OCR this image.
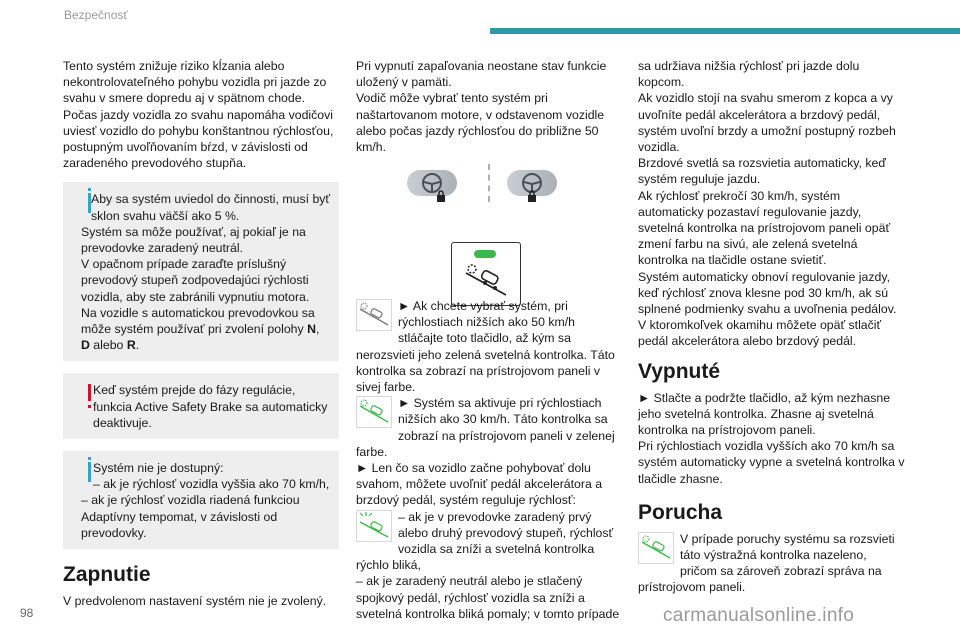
Bezpečnosť

Tento systém znižuje riziko kĺzania alebo nekontrolovateľného pohybu vozidla pri jazde zo svahu v smere dopredu aj v spätnom chode. Počas jazdy vozidla zo svahu napomáha vodičovi uviesť vozidlo do pohybu konštantnou rýchlosťou, postupným uvoľňovaním bŕzd, v závislosti od zaradeného prevodového stupňa.

Aby sa systém uviedol do činnosti, musí byť sklon svahu väčší ako 5 %.
Systém sa môže používať, aj pokiaľ je na prevodovke zaradený neutrál.
V opačnom prípade zaraďte príslušný prevodový stupeň zodpovedajúci rýchlosti vozidla, aby ste zabránili vypnutiu motora.
Na vozidle s automatickou prevodovkou sa môže systém používať pri zvolení polohy N,
D alebo R.
Keď systém prejde do fázy regulácie, funkcia Active Safety Brake sa automaticky deaktivuje.
Systém nie je dostupný:
– ak je rýchlosť vozidla vyššia ako 70 km/h,
– ak je rýchlosť vozidla riadená funkciou Adaptívny tempomat, v závislosti od prevodovky.
Zapnutie

V predvolenom nastavení systém nie je zvolený.

Pri vypnutí zapaľovania neostane stav funkcie uložený v pamäti.

Vodič môže vybrať tento systém pri naštartovanom motore, v odstavenom vozidle alebo počas jazdy rýchlosťou do približne 50 km/h.

► Ak chcete vybrať systém, pri rýchlostiach nižších ako 50 km/h stláčajte toto tlačidlo, až kým sa nerozsvieti jeho zelená svetelná kontrolka. Táto kontrolka sa zobrazí na prístrojovom paneli v sivej farbe.

► Systém sa aktivuje pri rýchlostiach nižších ako 30 km/h. Táto kontrolka sa zobrazí na prístrojovom paneli v zelenej farbe.

► Len čo sa vozidlo začne pohybovať dolu svahom, môžete uvoľniť pedál akcelerátora a brzdový pedál, systém reguluje rýchlosť:

– ak je v prevodovke zaradený prvý alebo druhý prevodový stupeň, rýchlosť vozidla sa zníži a svetelná kontrolka rýchlo bliká,

– ak je zaradený neutrál alebo je stlačený spojkový pedál, rýchlosť vozidla sa zníži a svetelná kontrolka bliká pomaly; v tomto prípade

sa udržiava nižšia rýchlosť pri jazde dolu kopcom.

Ak vozidlo stojí na svahu smerom z kopca a vy uvoľníte pedál akcelerátora a brzdový pedál, systém uvoľní brzdy a umožní postupný rozbeh vozidla.

Brzdové svetlá sa rozsvietia automaticky, keď systém reguluje jazdu.

Ak rýchlosť prekročí 30 km/h, systém automaticky pozastaví regulovanie jazdy, svetelná kontrolka na prístrojovom paneli opäť zmení farbu na sivú, ale zelená svetelná kontrolka na tlačidle ostane svietiť.

Systém automaticky obnoví regulovanie jazdy, keď rýchlosť znova klesne pod 30 km/h, ak sú splnené podmienky svahu a uvoľnenia pedálov.

V ktoromkoľvek okamihu môžete opäť stlačiť pedál akcelerátora alebo brzdový pedál.

Vypnuté

► Stlačte a podržte tlačidlo, až kým nezhasne jeho svetelná kontrolka. Zhasne aj svetelná kontrolka na prístrojovom paneli.

Pri rýchlostiach vozidla vyšších ako 70 km/h sa systém automaticky vypne a svetelná kontrolka v tlačidle zhasne.

Porucha

V prípade poruchy systému sa rozsvieti táto výstražná kontrolka nazeleno, pričom sa zároveň zobrazí správa na prístrojovom paneli.

98	carmanualsonline.info
